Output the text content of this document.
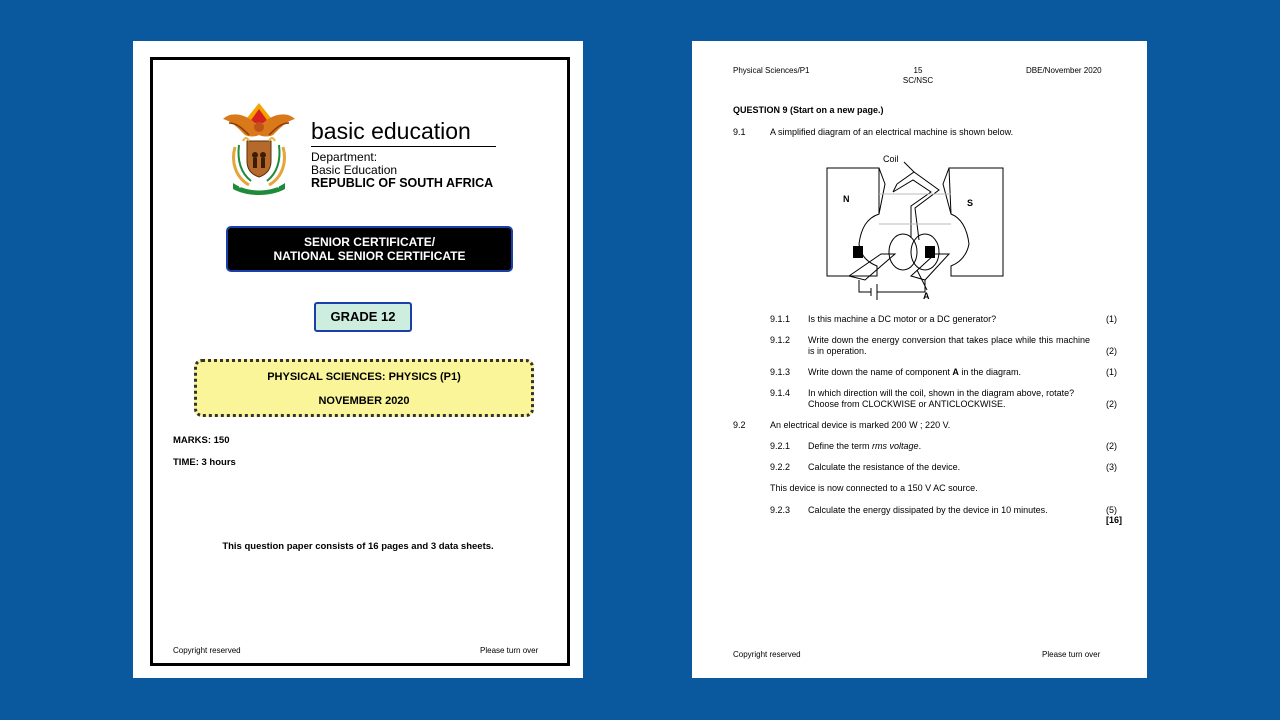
basic education
Department:
Basic Education
REPUBLIC OF SOUTH AFRICA
SENIOR CERTIFICATE/
NATIONAL SENIOR CERTIFICATE
GRADE 12
PHYSICAL SCIENCES: PHYSICS (P1)
NOVEMBER 2020
MARKS: 150
TIME: 3 hours
This question paper consists of 16 pages and 3 data sheets.
Copyright reserved	Please turn over
Physical Sciences/P1	15
SC/NSC
DBE/November 2020
QUESTION 9 (Start on a new page.)
9.1	A simplified diagram of an electrical machine is shown below.
Coil
N	S
A
9.1.1 Is this machine a DC motor or a DC generator?	(1)
9.1.2 Write down the energy conversion that takes place while this machine is in operation.	(2)
9.1.3 Write down the name of component A in the diagram.	(1)
9.1.4 In which direction will the coil, shown in the diagram above, rotate? Choose from CLOCKWISE or ANTICLOCKWISE.	(2)
9.2	An electrical device is marked 200 W ; 220 V.
9.2.1 Define the term rms voltage.	(2)
9.2.2 Calculate the resistance of the device.	(3)
This device is now connected to a 150 V AC source.
9.2.3 Calculate the energy dissipated by the device in 10 minutes.	(5)
[16]
Copyright reserved	Please turn over
